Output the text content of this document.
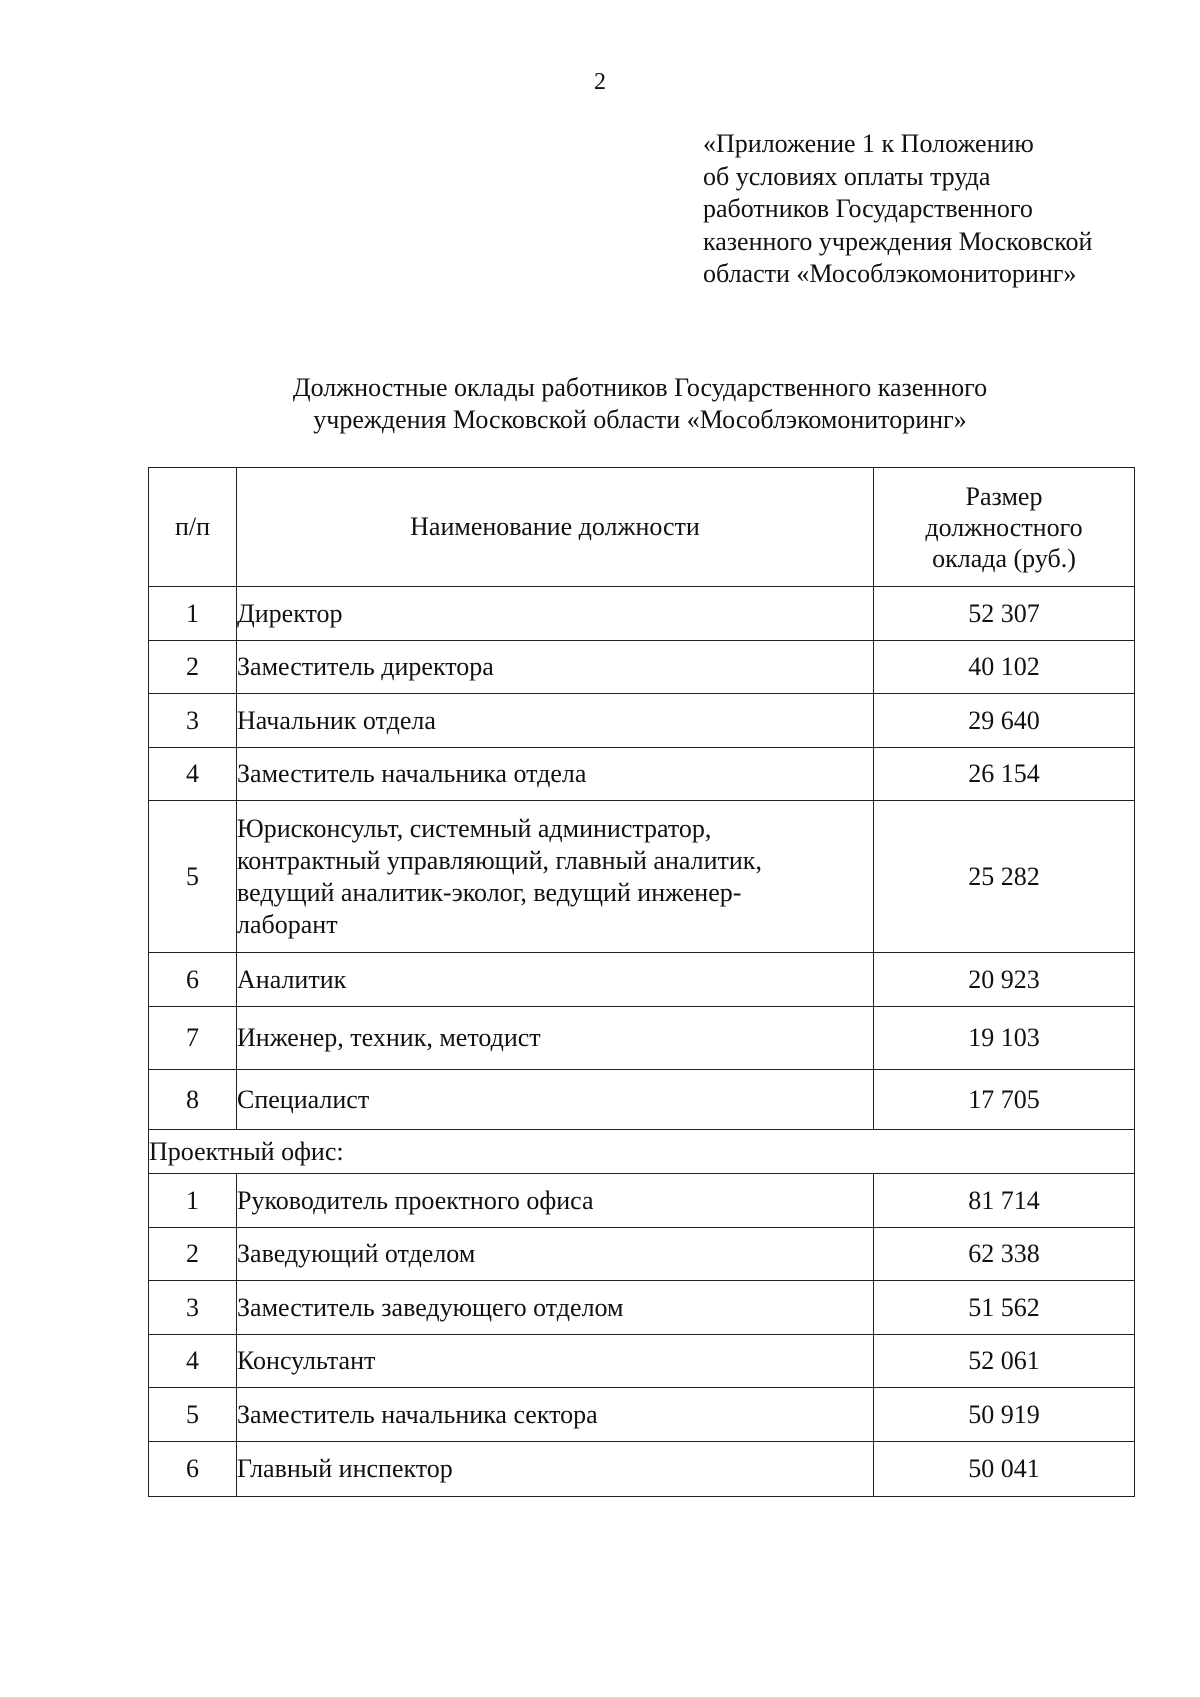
2
«Приложение 1 к Положению
об условиях оплаты труда
работников Государственного
казенного учреждения Московской
области «Мособлэкомониторинг»
Должностные оклады работников Государственного казенного
учреждения Московской области «Мособлэкомониторинг»
п/п	Наименование должности	Размер
должностного
оклада (руб.)

1	Директор	52 307
2	Заместитель директора	40 102
3	Начальник отдела	29 640
4	Заместитель начальника отдела	26 154
5	Юрисконсульт, системный администратор,
контрактный управляющий, главный аналитик,
ведущий аналитик-эколог, ведущий инженер-
лаборант	25 282
6	Аналитик	20 923
7	Инженер, техник, методист	19 103
8	Специалист	17 705
Проектный офис:		
1	Руководитель проектного офиса	81 714
2	Заведующий отделом	62 338
3	Заместитель заведующего отделом	51 562
4	Консультант	52 061
5	Заместитель начальника сектора	50 919
6	Главный инспектор	50 041
